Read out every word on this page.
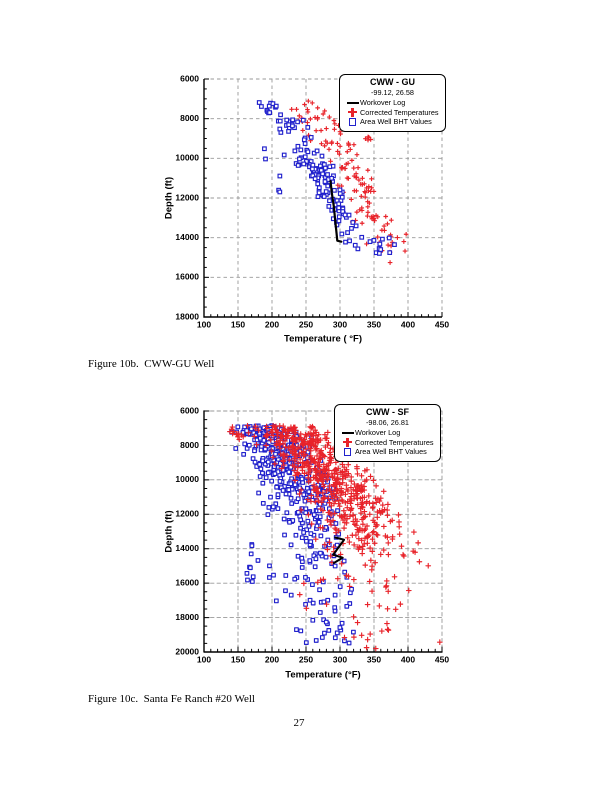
CWW - GU
-99.12, 26.58
Workover Log
Corrected Temperatures
Area Well BHT Values
CWW - SF
-98.06, 26.81
Workover Log
Corrected Temperatures
Area Well BHT Values
Figure 10b.  CWW-GU Well
Figure 10c.  Santa Fe Ranch #20 Well
27
